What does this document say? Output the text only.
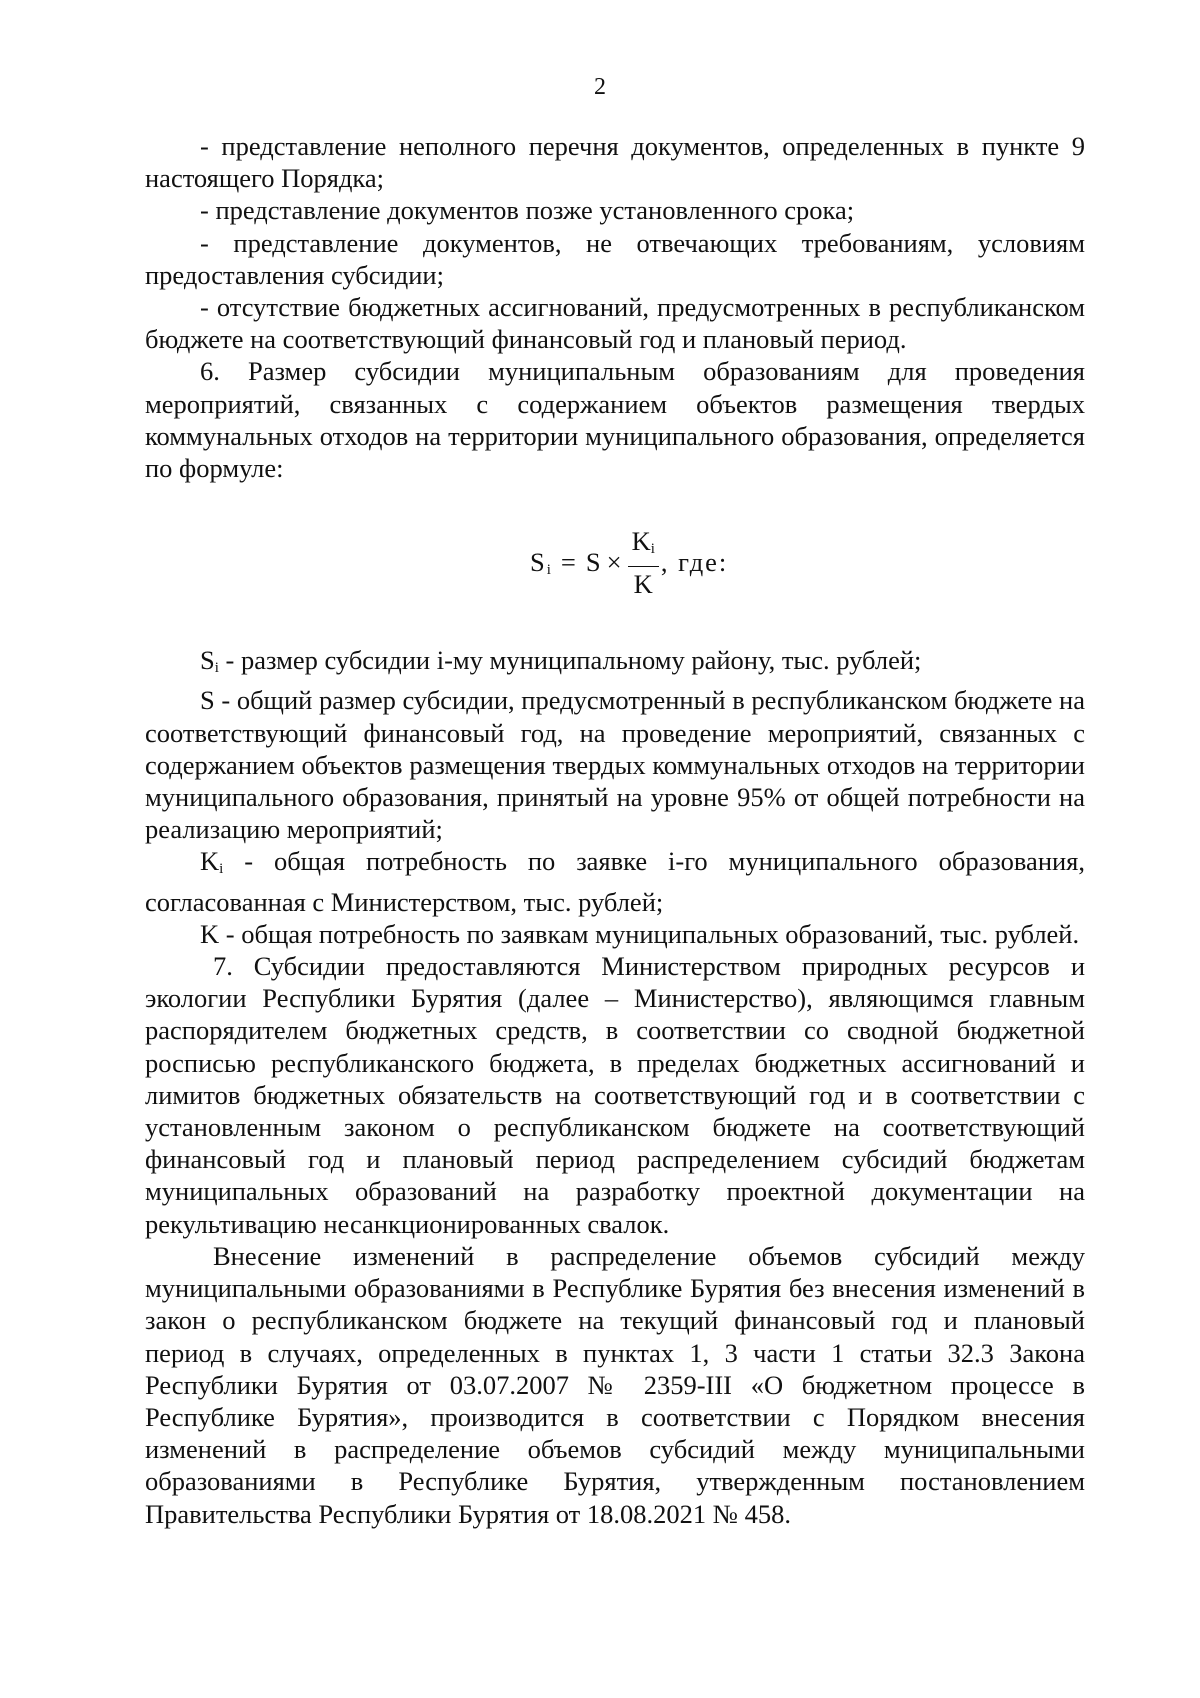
2

- представление неполного перечня документов, определенных в пункте 9 настоящего Порядка;

- представление документов позже установленного срока;

- представление документов, не отвечающих требованиям, условиям предоставления субсидии;

- отсутствие бюджетных ассигнований, предусмотренных в республиканском бюджете на соответствующий финансовый год и плановый период.

6. Размер субсидии муниципальным образованиям для проведения мероприятий, связанных с содержанием объектов размещения твердых коммунальных отходов на территории муниципального образования, определяется по формуле:

S $i = S \times \frac{Ki}{K}$ , где:

Si - размер субсидии i-му муниципальному району, тыс. рублей;

S - общий размер субсидии, предусмотренный в республиканском бюджете на соответствующий финансовый год, на проведение мероприятий, связанных с содержанием объектов размещения твердых коммунальных отходов на территории муниципального образования, принятый на уровне 95% от общей потребности на реализацию мероприятий;

Ki - общая потребность по заявке i-го муниципального образования, согласованная с Министерством, тыс. рублей;

K - общая потребность по заявкам муниципальных образований, тыс. рублей.

7. Субсидии предоставляются Министерством природных ресурсов и экологии Республики Бурятия (далее – Министерство), являющимся главным распорядителем бюджетных средств, в соответствии со сводной бюджетной росписью республиканского бюджета, в пределах бюджетных ассигнований и лимитов бюджетных обязательств на соответствующий год и в соответствии с установленным законом о республиканском бюджете на соответствующий финансовый год и плановый период распределением субсидий бюджетам муниципальных образований на разработку проектной документации на рекультивацию несанкционированных свалок.

Внесение изменений в распределение объемов субсидий между муниципальными образованиями в Республике Бурятия без внесения изменений в закон о республиканском бюджете на текущий финансовый год и плановый период в случаях, определенных в пунктах 1, 3 части 1 статьи 32.3 Закона Республики Бурятия от 03.07.2007 № 2359-III «О бюджетном процессе в Республике Бурятия», производится в соответствии с Порядком внесения изменений в распределение объемов субсидий между муниципальными образованиями в Республике Бурятия, утвержденным постановлением Правительства Республики Бурятия от 18.08.2021 № 458.
